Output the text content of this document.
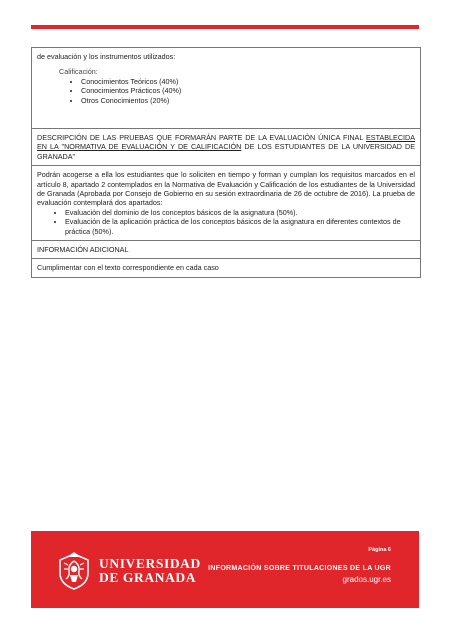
de evaluación y los instrumentos utilizados:
Calificación:
• Conocimientos Teóricos (40%)
• Conocimientos Prácticos (40%)
• Otros Conocimientos (20%)
DESCRIPCIÓN DE LAS PRUEBAS QUE FORMARÁN PARTE DE LA EVALUACIÓN ÚNICA FINAL ESTABLECIDA EN LA "NORMATIVA DE EVALUACIÓN Y DE CALIFICACIÓN DE LOS ESTUDIANTES DE LA UNIVERSIDAD DE GRANADA"
Podrán acogerse a ella los estudiantes que lo soliciten en tiempo y forman y cumplan los requisitos marcados en el artículo 8, apartado 2 contemplados en la Normativa de Evaluación y Calificación de los estudiantes de la Universidad de Granada (Aprobada por Consejo de Gobierno en su sesión extraordinaria de 26 de octubre de 2016). La prueba de evaluación contemplará dos apartados:
• Evaluación del dominio de los conceptos básicos de la asignatura (50%).
• Evaluación de la aplicación práctica de los conceptos básicos de la asignatura en diferentes contextos de práctica (50%).
INFORMACIÓN ADICIONAL
Cumplimentar con el texto correspondiente en cada caso
UNIVERSIDAD
DE GRANADA
Página 6
INFORMACIÓN SOBRE TITULACIONES DE LA UGR
grados.ugr.es
